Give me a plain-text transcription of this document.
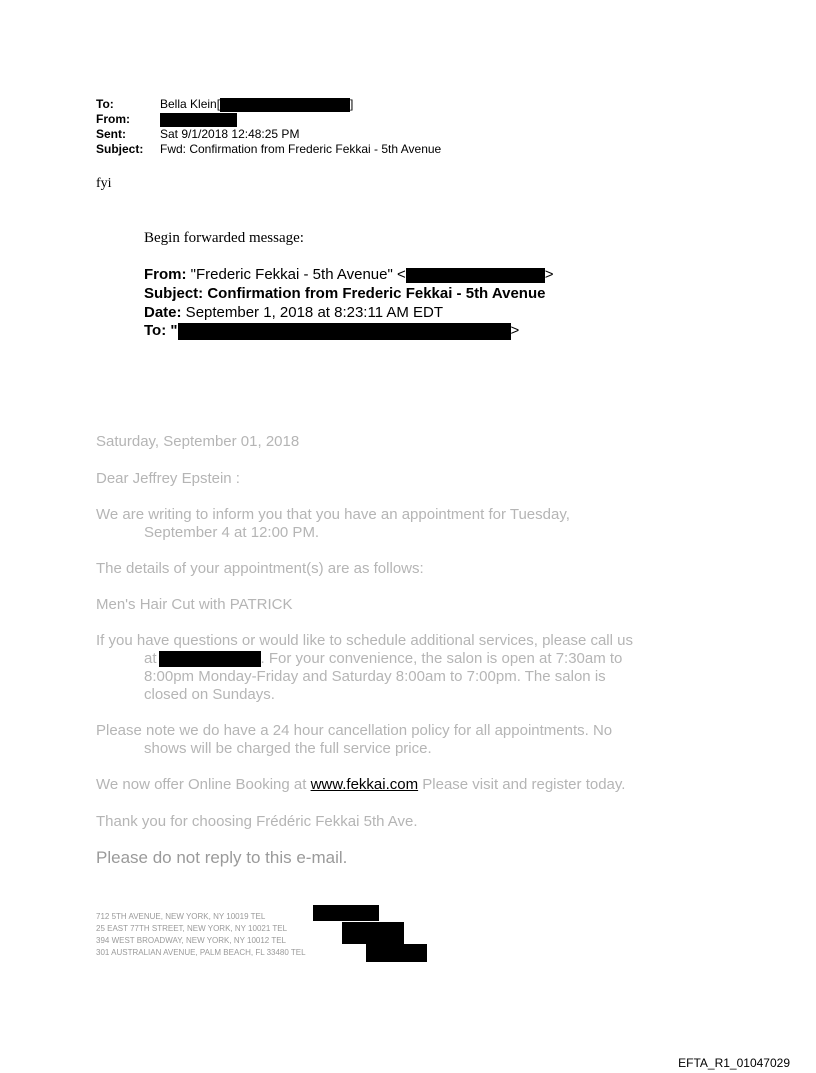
To:	Bella Klein[	]
From:
Sent:	Sat 9/1/2018 12:48:25 PM
Subject: Fwd: Confirmation from Frederic Fekkai - 5th Avenue
fyi
Begin forwarded message:
From: "Frederic Fekkai - 5th Avenue" <	>
Subject: Confirmation from Frederic Fekkai - 5th Avenue
Date: September 1, 2018 at 8:23:11 AM EDT
To: "	>
Saturday, September 01, 2018
Dear Jeffrey Epstein :
We are writing to inform you that you have an appointment for Tuesday,
September 4 at 12:00 PM.
The details of your appointment(s) are as follows:
Men's Hair Cut with PATRICK
If you have questions or would like to schedule additional services, please call us
at	. For your convenience, the salon is open at 7:30am to
8:00pm Monday-Friday and Saturday 8:00am to 7:00pm. The salon is
closed on Sundays.
Please note we do have a 24 hour cancellation policy for all appointments. No
shows will be charged the full service price.
We now offer Online Booking at www.fekkai.com Please visit and register today.
Thank you for choosing Frédéric Fekkai 5th Ave.
Please do not reply to this e-mail.
712 5TH AVENUE, NEW YORK, NY 10019 TEL
25 EAST 77TH STREET, NEW YORK, NY 10021 TEL
394 WEST BROADWAY, NEW YORK, NY 10012 TEL
301 AUSTRALIAN AVENUE, PALM BEACH, FL 33480 TEL
EFTA_R1_01047029
